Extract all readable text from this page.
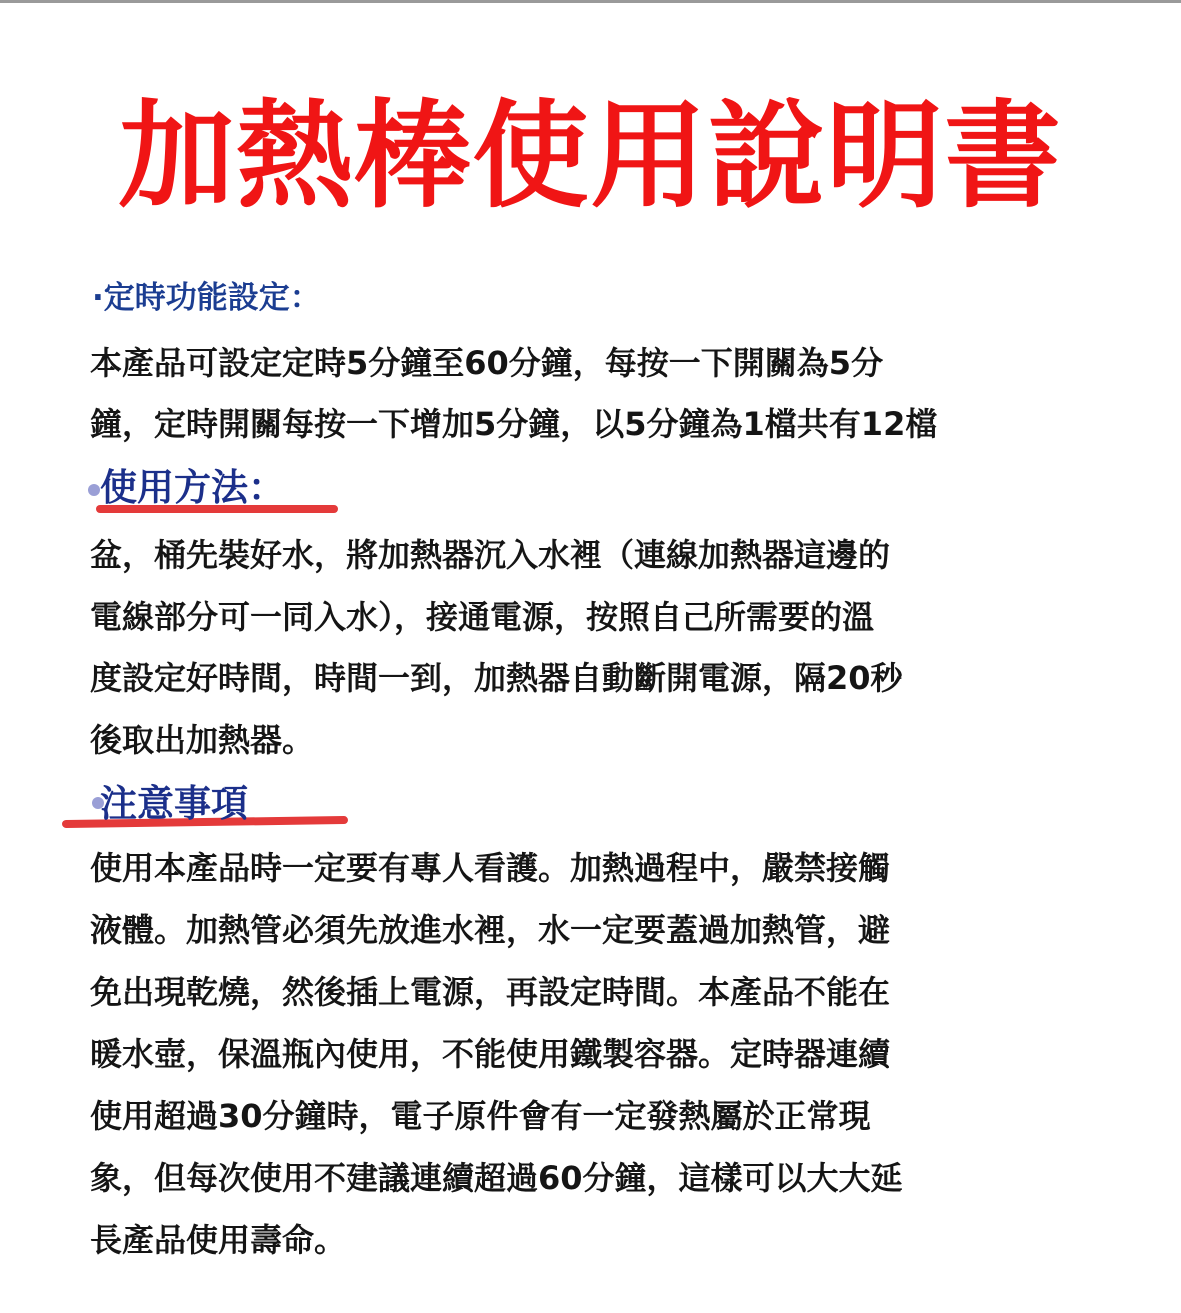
加熱棒使用說明書
·定時功能設定：
本產品可設定定時5分鐘至60分鐘，每按一下開關為5分
鐘，定時開關每按一下增加5分鐘，以5分鐘為1檔共有12檔
使用方法：
盆，桶先裝好水，將加熱器沉入水裡（連線加熱器這邊的
電線部分可一同入水），接通電源，按照自己所需要的溫
度設定好時間，時間一到，加熱器自動斷開電源，隔20秒
後取出加熱器。
注意事項
使用本產品時一定要有專人看護。加熱過程中，嚴禁接觸
液體。加熱管必須先放進水裡，水一定要蓋過加熱管，避
免出現乾燒，然後插上電源，再設定時間。本產品不能在
暖水壺，保溫瓶內使用，不能使用鐵製容器。定時器連續
使用超過30分鐘時，電子原件會有一定發熱屬於正常現
象，但每次使用不建議連續超過60分鐘，這樣可以大大延
長產品使用壽命。
